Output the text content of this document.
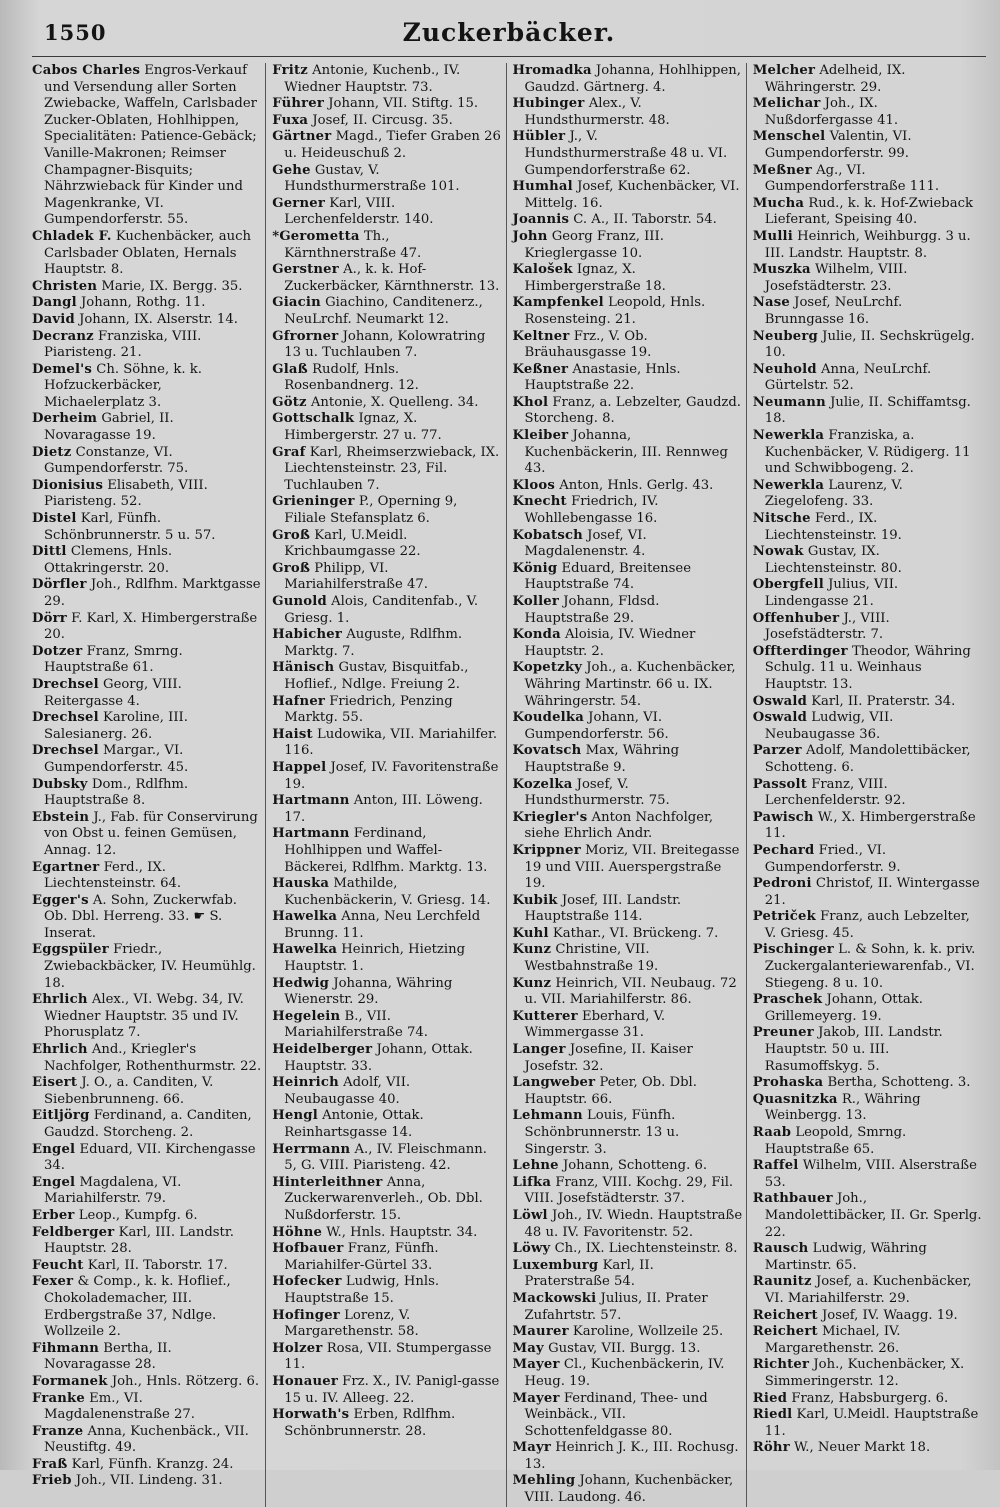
1550	Zuckerbäcker.
Cabos Charles Engros-Verkauf und Versendung aller Sorten Zwiebacke, Waffeln, Carlsbader Zucker-Oblaten, Hohlhippen, Specialitäten: Patience-Gebäck; Vanille-Makronen; Reimser Champagner-Bisquits; Nährzwieback für Kinder und Magenkranke, VI. Gumpendorferstr. 55.
Chladek F. Kuchenbäcker, auch Carlsbader Oblaten, Hernals Hauptstr. 8.
Christen Marie, IX. Bergg. 35.
Dangl Johann, Rothg. 11.
David Johann, IX. Alserstr. 14.
Decranz Franziska, VIII. Piaristeng. 21.
Demel's Ch. Söhne, k. k. Hofzuckerbäcker, Michaelerplatz 3.
Derheim Gabriel, II. Novaragasse 19.
Dietz Constanze, VI. Gumpendorferstr. 75.
Dionisius Elisabeth, VIII. Piaristeng. 52.
Distel Karl, Fünfh. Schönbrunnerstr. 5 u. 57.
Dittl Clemens, Hnls. Ottakringerstr. 20.
Dörfler Joh., Rdlfhm. Marktgasse 29.
Dörr F. Karl, X. Himbergerstraße 20.
Dotzer Franz, Smrng. Hauptstraße 61.
Drechsel Georg, VIII. Reitergasse 4.
Drechsel Karoline, III. Salesianerg. 26.
Drechsel Margar., VI. Gumpendorferstr. 45.
Dubsky Dom., Rdlfhm. Hauptstraße 8.
Ebstein J., Fab. für Conservirung von Obst u. feinen Gemüsen, Annag. 12.
Egartner Ferd., IX. Liechtensteinstr. 64.
Egger's A. Sohn, Zuckerwfab. Ob. Dbl. Herreng. 33. ☛ S. Inserat.
Eggspüler Friedr., Zwiebackbäcker, IV. Heumühlg. 18.
Ehrlich Alex., VI. Webg. 34, IV. Wiedner Hauptstr. 35 und IV. Phorusplatz 7.
Ehrlich And., Kriegler's Nachfolger, Rothenthurmstr. 22.
Eisert J. O., a. Canditen, V. Siebenbrunneng. 66.
Eitljörg Ferdinand, a. Canditen, Gaudzd. Storcheng. 2.
Engel Eduard, VII. Kirchengasse 34.
Engel Magdalena, VI. Mariahilferstr. 79.
Erber Leop., Kumpfg. 6.
Feldberger Karl, III. Landstr. Hauptstr. 28.
Feucht Karl, II. Taborstr. 17.
Fexer & Comp., k. k. Hoflief., Chokolademacher, III. Erdbergstraße 37, Ndlge. Wollzeile 2.
Fihmann Bertha, II. Novaragasse 28.
Formanek Joh., Hnls. Rötzerg. 6.
Franke Em., VI. Magdalenenstraße 27.
Franze Anna, Kuchenbäck., VII. Neustiftg. 49.
Fraß Karl, Fünfh. Kranzg. 24.
Frieb Joh., VII. Lindeng. 31.
Fritz Antonie, Kuchenb., IV. Wiedner Hauptstr. 73.
Führer Johann, VII. Stiftg. 15.
Fuxa Josef, II. Circusg. 35.
Gärtner Magd., Tiefer Graben 26 u. Heideuschuß 2.
Gehe Gustav, V. Hundsthurmerstraße 101.
Gerner Karl, VIII. Lerchenfelderstr. 140.
*Gerometta Th., Kärnthnerstraße 47.
Gerstner A., k. k. Hof-Zuckerbäcker, Kärnthnerstr. 13.
Giacin Giachino, Canditenerz., NeuLrchf. Neumarkt 12.
Gfrorner Johann, Kolowratring 13 u. Tuchlauben 7.
Glaß Rudolf, Hnls. Rosenbandnerg. 12.
Götz Antonie, X. Quelleng. 34.
Gottschalk Ignaz, X. Himbergerstr. 27 u. 77.
Graf Karl, Rheimserzwieback, IX. Liechtensteinstr. 23, Fil. Tuchlauben 7.
Grieninger P., Operning 9, Filiale Stefansplatz 6.
Groß Karl, U.Meidl. Krichbaumgasse 22.
Groß Philipp, VI. Mariahilferstraße 47.
Gunold Alois, Canditenfab., V. Griesg. 1.
Habicher Auguste, Rdlfhm. Marktg. 7.
Hänisch Gustav, Bisquitfab., Hoflief., Ndlge. Freiung 2.
Hafner Friedrich, Penzing Marktg. 55.
Haist Ludowika, VII. Mariahilfer. 116.
Happel Josef, IV. Favoritenstraße 19.
Hartmann Anton, III. Löweng. 17.
Hartmann Ferdinand, Hohlhippen und Waffel-Bäckerei, Rdlfhm. Marktg. 13.
Hauska Mathilde, Kuchenbäckerin, V. Griesg. 14.
Hawelka Anna, Neu Lerchfeld Brunng. 11.
Hawelka Heinrich, Hietzing Hauptstr. 1.
Hedwig Johanna, Währing Wienerstr. 29.
Hegelein B., VII. Mariahilferstraße 74.
Heidelberger Johann, Ottak. Hauptstr. 33.
Heinrich Adolf, VII. Neubaugasse 40.
Hengl Antonie, Ottak. Reinhartsgasse 14.
Herrmann A., IV. Fleischmann. 5, G. VIII. Piaristeng. 42.
Hinterleithner Anna, Zuckerwarenverleh., Ob. Dbl. Nußdorferstr. 15.
Höhne W., Hnls. Hauptstr. 34.
Hofbauer Franz, Fünfh. Mariahilfer-Gürtel 33.
Hofecker Ludwig, Hnls. Hauptstraße 15.
Hofinger Lorenz, V. Margarethenstr. 58.
Holzer Rosa, VII. Stumpergasse 11.
Honauer Frz. X., IV. Panigl-gasse 15 u. IV. Alleeg. 22.
Horwath's Erben, Rdlfhm. Schönbrunnerstr. 28.
Hromadka Johanna, Hohlhippen, Gaudzd. Gärtnerg. 4.
Hubinger Alex., V. Hundsthurmerstr. 48.
Hübler J., V. Hundsthurmerstraße 48 u. VI. Gumpendorferstraße 62.
Humhal Josef, Kuchenbäcker, VI. Mittelg. 16.
Joannis C. A., II. Taborstr. 54.
John Georg Franz, III. Krieglergasse 10.
Kalošek Ignaz, X. Himbergerstraße 18.
Kampfenkel Leopold, Hnls. Rosensteing. 21.
Keltner Frz., V. Ob. Bräuhausgasse 19.
Keßner Anastasie, Hnls. Hauptstraße 22.
Khol Franz, a. Lebzelter, Gaudzd. Storcheng. 8.
Kleiber Johanna, Kuchenbäckerin, III. Rennweg 43.
Kloos Anton, Hnls. Gerlg. 43.
Knecht Friedrich, IV. Wohllebengasse 16.
Kobatsch Josef, VI. Magdalenenstr. 4.
König Eduard, Breitensee Hauptstraße 74.
Koller Johann, Fldsd. Hauptstraße 29.
Konda Aloisia, IV. Wiedner Hauptstr. 2.
Kopetzky Joh., a. Kuchenbäcker, Währing Martinstr. 66 u. IX. Währingerstr. 54.
Koudelka Johann, VI. Gumpendorferstr. 56.
Kovatsch Max, Währing Hauptstraße 9.
Kozelka Josef, V. Hundsthurmerstr. 75.
Kriegler's Anton Nachfolger, siehe Ehrlich Andr.
Krippner Moriz, VII. Breitegasse 19 und VIII. Auerspergstraße 19.
Kubik Josef, III. Landstr. Hauptstraße 114.
Kuhl Kathar., VI. Brückeng. 7.
Kunz Christine, VII. Westbahnstraße 19.
Kunz Heinrich, VII. Neubaug. 72 u. VII. Mariahilferstr. 86.
Kutterer Eberhard, V. Wimmergasse 31.
Langer Josefine, II. Kaiser Josefstr. 32.
Langweber Peter, Ob. Dbl. Hauptstr. 66.
Lehmann Louis, Fünfh. Schönbrunnerstr. 13 u. Singerstr. 3.
Lehne Johann, Schotteng. 6.
Lifka Franz, VIII. Kochg. 29, Fil. VIII. Josefstädterstr. 37.
Löwl Joh., IV. Wiedn. Hauptstraße 48 u. IV. Favoritenstr. 52.
Löwy Ch., IX. Liechtensteinstr. 8.
Luxemburg Karl, II. Praterstraße 54.
Mackowski Julius, II. Prater Zufahrtstr. 57.
Maurer Karoline, Wollzeile 25.
May Gustav, VII. Burgg. 13.
Mayer Cl., Kuchenbäckerin, IV. Heug. 19.
Mayer Ferdinand, Thee- und Weinbäck., VII. Schottenfeldgasse 80.
Mayr Heinrich J. K., III. Rochusg. 13.
Mehling Johann, Kuchenbäcker, VIII. Laudong. 46.
Melcher Adelheid, IX. Währingerstr. 29.
Melichar Joh., IX. Nußdorfergasse 41.
Menschel Valentin, VI. Gumpendorferstr. 99.
Meßner Ag., VI. Gumpendorferstraße 111.
Mucha Rud., k. k. Hof-Zwieback Lieferant, Speising 40.
Mulli Heinrich, Weihburgg. 3 u. III. Landstr. Hauptstr. 8.
Muszka Wilhelm, VIII. Josefstädterstr. 23.
Nase Josef, NeuLrchf. Brunngasse 16.
Neuberg Julie, II. Sechskrügelg. 10.
Neuhold Anna, NeuLrchf. Gürtelstr. 52.
Neumann Julie, II. Schiffamtsg. 18.
Newerkla Franziska, a. Kuchenbäcker, V. Rüdigerg. 11 und Schwibbogeng. 2.
Newerkla Laurenz, V. Ziegelofeng. 33.
Nitsche Ferd., IX. Liechtensteinstr. 19.
Nowak Gustav, IX. Liechtensteinstr. 80.
Obergfell Julius, VII. Lindengasse 21.
Offenhuber J., VIII. Josefstädterstr. 7.
Offterdinger Theodor, Währing Schulg. 11 u. Weinhaus Hauptstr. 13.
Oswald Karl, II. Praterstr. 34.
Oswald Ludwig, VII. Neubaugasse 36.
Parzer Adolf, Mandolettibäcker, Schotteng. 6.
Passolt Franz, VIII. Lerchenfelderstr. 92.
Pawisch W., X. Himbergerstraße 11.
Pechard Fried., VI. Gumpendorferstr. 9.
Pedroni Christof, II. Wintergasse 21.
Petriček Franz, auch Lebzelter, V. Griesg. 45.
Pischinger L. & Sohn, k. k. priv. Zuckergalanteriewarenfab., VI. Stiegeng. 8 u. 10.
Praschek Johann, Ottak. Grillemeyerg. 19.
Preuner Jakob, III. Landstr. Hauptstr. 50 u. III. Rasumoffskyg. 5.
Prohaska Bertha, Schotteng. 3.
Quasnitzka R., Währing Weinbergg. 13.
Raab Leopold, Smrng. Hauptstraße 65.
Raffel Wilhelm, VIII. Alserstraße 53.
Rathbauer Joh., Mandolettibäcker, II. Gr. Sperlg. 22.
Rausch Ludwig, Währing Martinstr. 65.
Raunitz Josef, a. Kuchenbäcker, VI. Mariahilferstr. 29.
Reichert Josef, IV. Waagg. 19.
Reichert Michael, IV. Margarethenstr. 26.
Richter Joh., Kuchenbäcker, X. Simmeringerstr. 12.
Ried Franz, Habsburgerg. 6.
Riedl Karl, U.Meidl. Hauptstraße 11.
Röhr W., Neuer Markt 18.
